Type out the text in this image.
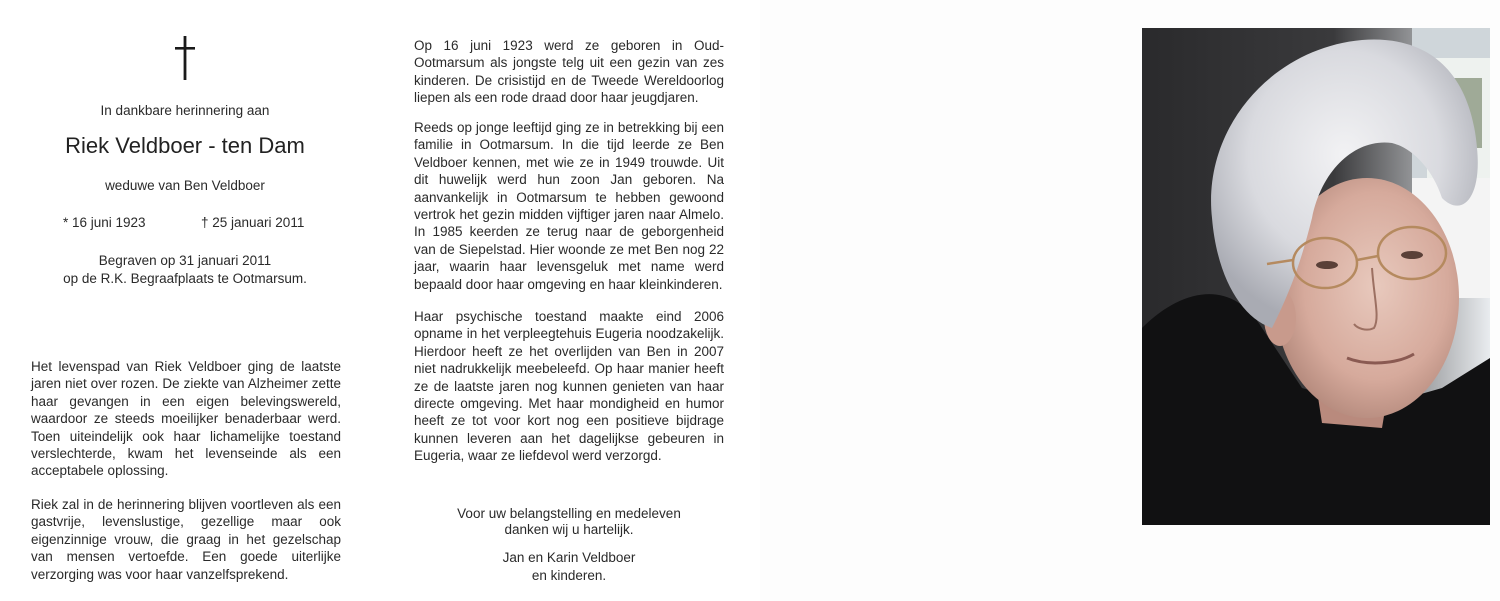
In dankbare herinnering aan
Riek Veldboer - ten Dam
weduwe van Ben Veldboer
* 16 juni 1923	† 25 januari 2011
Begraven op 31 januari 2011
op de R.K. Begraafplaats te Ootmarsum.
Het levenspad van Riek Veldboer ging de laatste jaren niet over rozen. De ziekte van Alzheimer zette haar gevangen in een eigen belevingswereld, waardoor ze steeds moeilijker benaderbaar werd. Toen uiteindelijk ook haar lichamelijke toestand verslechterde, kwam het levenseinde als een acceptabele oplossing.
Riek zal in de herinnering blijven voortleven als een gastvrije, levenslustige, gezellige maar ook eigenzinnige vrouw, die graag in het gezelschap van mensen vertoefde. Een goede uiterlijke verzorging was voor haar vanzelfsprekend.
Op 16 juni 1923 werd ze geboren in Oud-Ootmarsum als jongste telg uit een gezin van zes kinderen. De crisistijd en de Tweede Wereldoorlog liepen als een rode draad door haar jeugdjaren.
Reeds op jonge leeftijd ging ze in betrekking bij een familie in Ootmarsum. In die tijd leerde ze Ben Veldboer kennen, met wie ze in 1949 trouwde. Uit dit huwelijk werd hun zoon Jan geboren. Na aanvankelijk in Ootmarsum te hebben gewoond vertrok het gezin midden vijftiger jaren naar Almelo. In 1985 keerden ze terug naar de geborgenheid van de Siepelstad. Hier woonde ze met Ben nog 22 jaar, waarin haar levensgeluk met name werd bepaald door haar omgeving en haar kleinkinderen.
Haar psychische toestand maakte eind 2006 opname in het verpleegtehuis Eugeria noodzakelijk. Hierdoor heeft ze het overlijden van Ben in 2007 niet nadrukkelijk meebeleefd. Op haar manier heeft ze de laatste jaren nog kunnen genieten van haar directe omgeving. Met haar mondigheid en humor heeft ze tot voor kort nog een positieve bijdrage kunnen leveren aan het dagelijkse gebeuren in Eugeria, waar ze liefdevol werd verzorgd.
Voor uw belangstelling en medeleven
danken wij u hartelijk.
Jan en Karin Veldboer
en kinderen.
